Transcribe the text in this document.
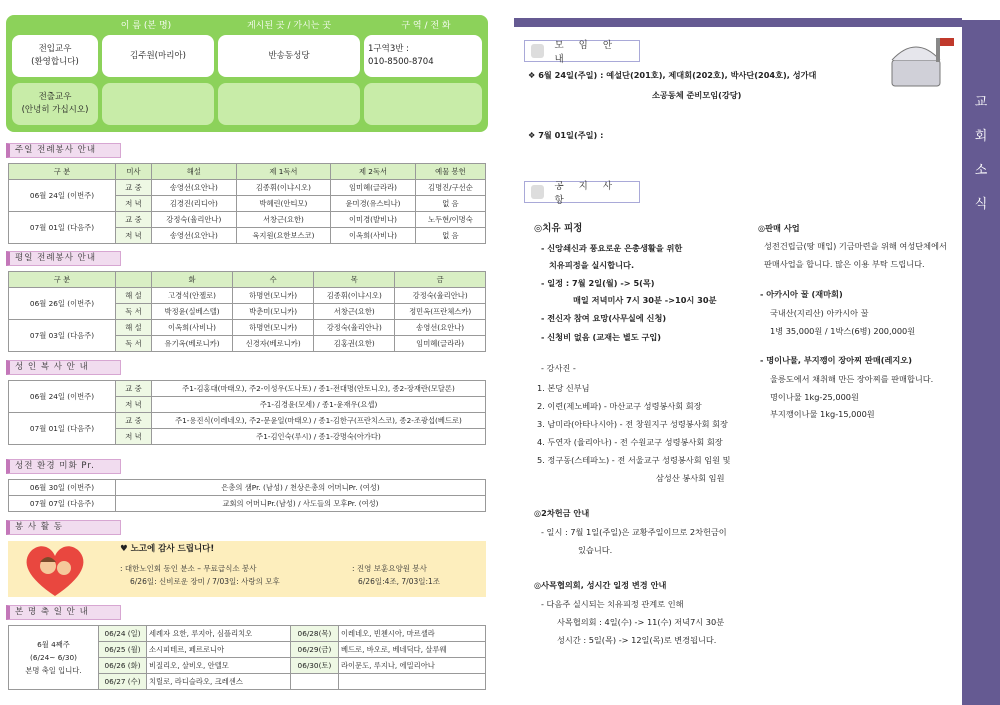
이 름 (본 명)	게시된 곳 / 가시는 곳	구 역 / 전 화
전입교우
(환영합니다)
김주원(마리아)	반송동성당
1구역3반 :
010-8500-8704
전출교우
(안녕히 가십시오)
주일 전례봉사 안내
구 분	미사	해설	제 1독서	제 2독서	예물 봉헌
06월 24일 (이번주)	교 중	송영선(요안나)	김종휘(이냐시오)	임미혜(글라라)	김명진/구선순
	저 녁	김경진(리디아)	박혜린(안티모)	윤미경(유스티나)	없 음
07월 01일 (다음주)	교 중	강정숙(율리안나)	서창근(요한)	이미경(발비나)	노두현/이명숙
	저 녁	송영선(요안나)	육지원(요한보스코)	이옥희(사비나)	없 음
평일 전례봉사 안내
구 분		화	수	목	금
06월 26일 (이번주)	해 설	고경석(안젤로)	하명연(모니카)	김종휘(이냐시오)	강정숙(율리안나)
	독 서	박정윤(실베스텔)	박춘미(모니카)	서창근(요한)	정민옥(프란체스카)
07월 03일 (다음주)	해 설	이옥희(사비나)	하명연(모니카)	강정숙(율리안나)	송영선(요안나)
	독 서	유기옥(베로니카)	신경자(베로니카)	김홍권(요한)	임미혜(글라라)
성 인 복 사 안 내
06월 24일 (이번주)	교 중	주1-김홍대(마태오), 주2-이성우(도나토) / 종1-전대명(안토니오), 종2-장재란(모달론)
	저 녁	주1-김경윤(모세) / 종1-윤재우(요셉)
07월 01일 (다음주)	교 중	주1-용진식(이레네오), 주2-문윤일(마태오) / 종1-김한구(프란치스코), 종2-조광섭(베드로)
	저 녁	주1-김인숙(루시) / 종1-강명숙(아가다)
성전 환경 미화 Pr.
06월 30일 (이번주)	은총의 샘Pr. (남성) / 천상은총의 어머니Pr. (여성)
07월 07일 (다음주)	교회의 어머니Pr.(남성) / 사도들의 모후Pr. (여성)
봉 사 활 동
♥ 노고에 감사 드립니다!
: 대한노인회 동인 분소 – 무료급식소 봉사
6/26일: 신비로운 장미 / 7/03일: 사랑의 모후
: 진영 보훈요양원 봉사
6/26일:4조, 7/03일:1조
본 명 축 일 안 내
6월 4째주
(6/24~ 6/30)
본명 축일 입니다.	06/24 (일)	세례자 요한, 루지아, 심플리치오	06/28(목)	이레네오, 빈첸시아, 마르셀라
	06/25 (월)	소시피테르, 페르로니아	06/29(금)	베드로, 바오로, 베네딕다, 살루웨
	06/26 (화)	비질리오, 살비오, 안텔모	06/30(토)	라이문도, 루지나, 에밀리아나
	06/27 (수)	치릴로, 라디슬라오, 크레센스		
교
회
소
식
모 임 안 내
❖ 6월 24일(주일) : 예설단(201호), 제대회(202호), 박사단(204호), 성가대
소공동체 준비모임(강당)
❖ 7월 01일(주일) :
공 지 사 항
◎치유 피정
- 신앙쇄신과 풍요로운 은총생활을 위한
치유피정을 실시합니다.
- 일정 : 7월 2일(월) -> 5(목)
매일 저녁미사 7시 30분 ->10시 30분
- 전신자 참여 요망(사무실에 신청)
- 신청비 없음 (교재는 별도 구입)
- 강사진 -
1. 본당 신부님
2. 이련(제노베파) - 마산교구 성령봉사회 회장
3. 남미라(아타나시아) - 전 창원지구 성령봉사회 회장
4. 두연자 (율리아나) - 전 수원교구 성령봉사회 회장
5. 정구동(스테파노) - 전 서울교구 성령봉사회 임원 및
삼성산 봉사회 임원
◎2차헌금 안내
- 일시 : 7월 1일(주일)은 교황주일이므로 2차헌금이
있습니다.
◎사목협의회, 성시간 일정 변경 안내
- 다음주 실시되는 치유피정 관계로 인해
사목협의회 : 4일(수) -> 11(수) 저녁7시 30분
성시간 : 5일(목) -> 12일(목)로 변경됩니다.
◎판매 사업
성전건립금(땅 매입) 기금마련을 위해 여성단체에서
판매사업을 합니다. 많은 이용 부탁 드립니다.
- 아카시아 꿀 (재마회)
국내산(지리산) 아카시아 꿀
1병 35,000원 / 1박스(6병) 200,000원
- 명이나물, 부지깽이 장아찌 판매(레지오)
울릉도에서 채취해 만든 장아찌를 판매합니다.
명이나물 1kg-25,000원
부지깽이나물 1kg-15,000원
